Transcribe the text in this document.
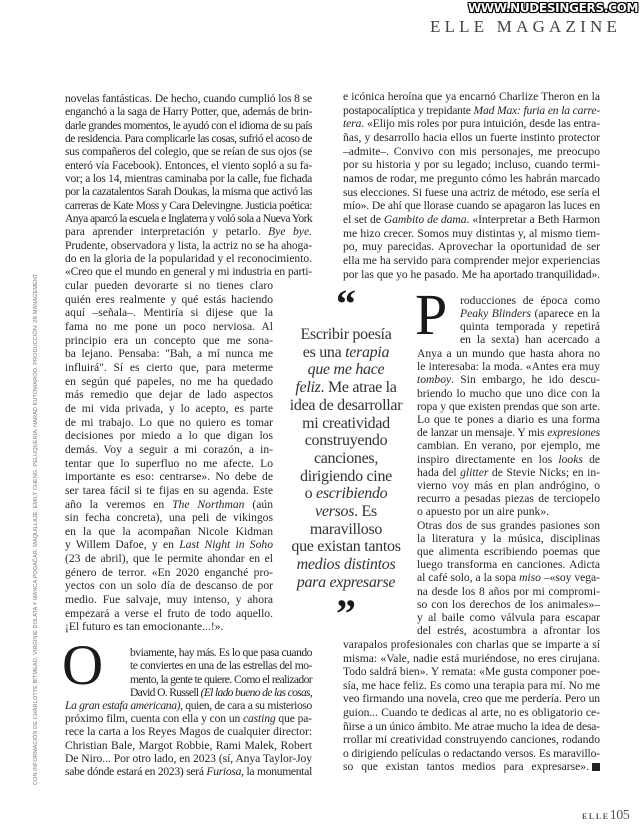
WWW.NUDESINGERS.COM
ELLE MAGAZINE
CON INFORMACIÓN DE CHARLOTTE BITMEAD. VIRGINIE DOLATA Y MANCA POGAČAR. MAQUILLAJE: EMILY CHENG. PELUQUERÍA: NARAD KUTOWAROO. PRODUCCIÓN: 2B MANAGEMENT.
novelas fantásticas. De hecho, cuando cumplió los 8 se
enganchó a la saga de Harry Potter, que, además de brin-
darle grandes momentos, le ayudó con el idioma de su país
de residencia. Para complicarle las cosas, sufrió el acoso de
sus compañeros del colegio, que se reían de sus ojos (se
enteró vía Facebook). Entonces, el viento sopló a su fa-
vor; a los 14, mientras caminaba por la calle, fue fichada
por la cazatalentos Sarah Doukas, la misma que activó las
carreras de Kate Moss y Cara Delevingne. Justicia poética:
Anya aparcó la escuela e Inglaterra y voló sola a Nueva York
para aprender interpretación y petarlo. Bye bye.
Prudente, observadora y lista, la actriz no se ha ahoga-
do en la gloria de la popularidad y el reconocimiento.
«Creo que el mundo en general y mi industria en parti-
cular pueden devorarte si no tienes claro
quién eres realmente y qué estás haciendo
aquí –señala–. Mentiría si dijese que la
fama no me pone un poco nerviosa. Al
principio era un concepto que me sona-
ba lejano. Pensaba: "Bah, a mí nunca me
influirá". Sí es cierto que, para meterme
en según qué papeles, no me ha quedado
más remedio que dejar de lado aspectos
de mi vida privada, y lo acepto, es parte
de mi trabajo. Lo que no quiero es tomar
decisiones por miedo a lo que digan los
demás. Voy a seguir a mi corazón, a in-
tentar que lo superfluo no me afecte. Lo
importante es eso: centrarse». No debe de
ser tarea fácil si te fijas en su agenda. Este
año la veremos en The Northman (aún
sin fecha concreta), una peli de vikingos
en la que la acompañan Nicole Kidman
y Willem Dafoe, y en Last Night in Soho
(23 de abril), que le permite ahondar en el
género de terror. «En 2020 enganché pro-
yectos con un solo día de descanso de por
medio. Fue salvaje, muy intenso, y ahora
empezará a verse el fruto de todo aquello.
¡El futuro es tan emocionante...!».
O bviamente, hay más. Es lo que pasa cuando
te conviertes en una de las estrellas del mo-
mento, la gente te quiere. Como el realizador
David O. Russell (El lado bueno de las cosas,
La gran estafa americana), quien, de cara a su misterioso
próximo film, cuenta con ella y con un casting que pa-
rece la carta a los Reyes Magos de cualquier director:
Christian Bale, Margot Robbie, Rami Malek, Robert
De Niro... Por otro lado, en 2023 (sí, Anya Taylor-Joy
sabe dónde estará en 2023) será Furiosa, la monumental
e icónica heroína que ya encarnó Charlize Theron en la
postapocalíptica y trepidante Mad Max: furia en la carre-
tera. «Elijo mis roles por pura intuición, desde las entra-
ñas, y desarrollo hacia ellos un fuerte instinto protector
–admite–. Convivo con mis personajes, me preocupo
por su historia y por su legado; incluso, cuando termi-
namos de rodar, me pregunto cómo les habrán marcado
sus elecciones. Si fuese una actriz de método, ese sería el
mío». De ahí que llorase cuando se apagaron las luces en
el set de Gambito de dama. «Interpretar a Beth Harmon
me hizo crecer. Somos muy distintas y, al mismo tiem-
po, muy parecidas. Aprovechar la oportunidad de ser
ella me ha servido para comprender mejor experiencias
por las que yo he pasado. Me ha aportado tranquilidad».
P roducciones de época como
Peaky Blinders (aparece en la
quinta temporada y repetirá
en la sexta) han acercado a
Anya a un mundo que hasta ahora no
le interesaba: la moda. «Antes era muy
tomboy. Sin embargo, he ido descu-
briendo lo mucho que uno dice con la
ropa y que existen prendas que son arte.
Lo que te pones a diario es una forma
de lanzar un mensaje. Y mis expresiones
cambian. En verano, por ejemplo, me
inspiro directamente en los looks de
hada del glitter de Stevie Nicks; en in-
vierno voy más en plan andrógino, o
recurro a pesadas piezas de terciopelo
o apuesto por un aire punk».
Otras dos de sus grandes pasiones son
la literatura y la música, disciplinas
que alimenta escribiendo poemas que
luego transforma en canciones. Adicta
al café solo, a la sopa miso –«soy vega-
na desde los 8 años por mi compromi-
so con los derechos de los animales»–
y al baile como válvula para escapar
del estrés, acostumbra a afrontar los
varapalos profesionales con charlas que se imparte a sí
misma: «Vale, nadie está muriéndose, no eres cirujana.
Todo saldrá bien». Y remata: «Me gusta componer poe-
sía, me hace feliz. Es como una terapia para mí. No me
veo firmando una novela, creo que me perdería. Pero un
guion... Cuando te dedicas al arte, no es obligatorio ce-
ñirse a un único ámbito. Me atrae mucho la idea de desa-
rrollar mi creatividad construyendo canciones, rodando
o dirigiendo películas o redactando versos. Es maravillo-
so que existan tantos medios para expresarse».
“
Escribir poesía
es una terapia
que me hace
feliz. Me atrae la
idea de desarrollar
mi creatividad
construyendo
canciones,
dirigiendo cine
o escribiendo
versos. Es
maravilloso
que existan tantos
medios distintos
para expresarse
”
ELLE105
